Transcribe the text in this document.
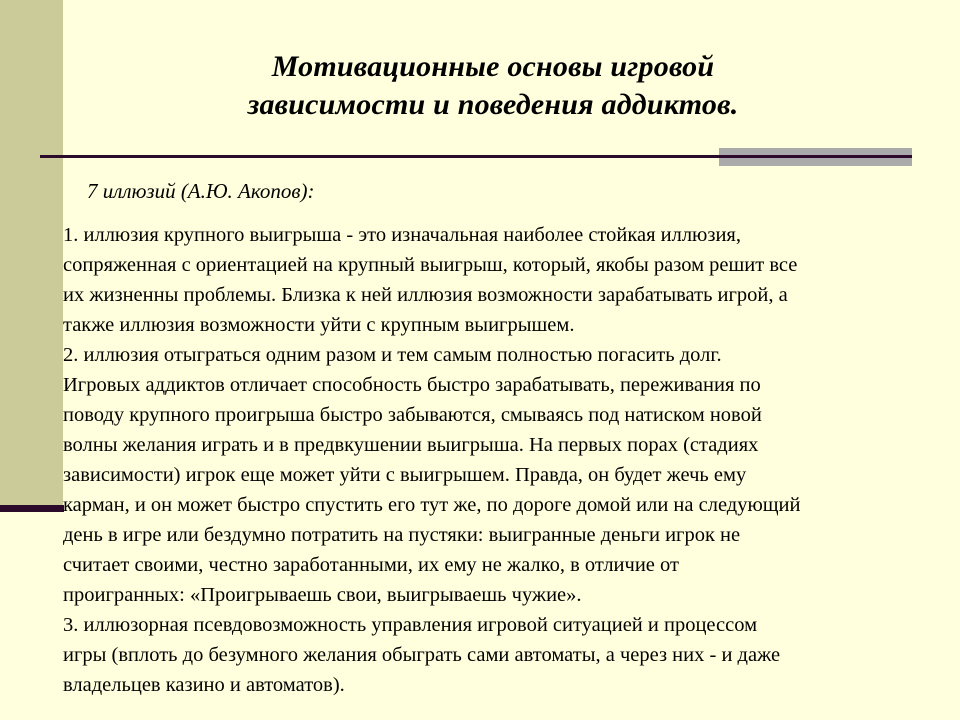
Мотивационные основы игровой
зависимости и поведения аддиктов.
7 иллюзий (А.Ю. Акопов):
1. иллюзия крупного выигрыша - это изначальная наиболее стойкая иллюзия,
сопряженная с ориентацией на крупный выигрыш, который, якобы разом решит все
их жизненны проблемы. Близка к ней иллюзия возможности зарабатывать игрой, а
также иллюзия возможности уйти с крупным выигрышем.
2. иллюзия отыграться одним разом и тем самым полностью погасить долг.
Игровых аддиктов отличает способность быстро зарабатывать, переживания по
поводу крупного проигрыша быстро забываются, смываясь под натиском новой
волны желания играть и в предвкушении выигрыша. На первых порах (стадиях
зависимости) игрок еще может уйти с выигрышем. Правда, он будет жечь ему
карман, и он может быстро спустить его тут же, по дороге домой или на следующий
день в игре или бездумно потратить на пустяки: выигранные деньги игрок не
считает своими, честно заработанными, их ему не жалко, в отличие от
проигранных: «Проигрываешь свои, выигрываешь чужие».
3. иллюзорная псевдовозможность управления игровой ситуацией и процессом
игры (вплоть до безумного желания обыграть сами автоматы, а через них - и даже
владельцев казино и автоматов).
